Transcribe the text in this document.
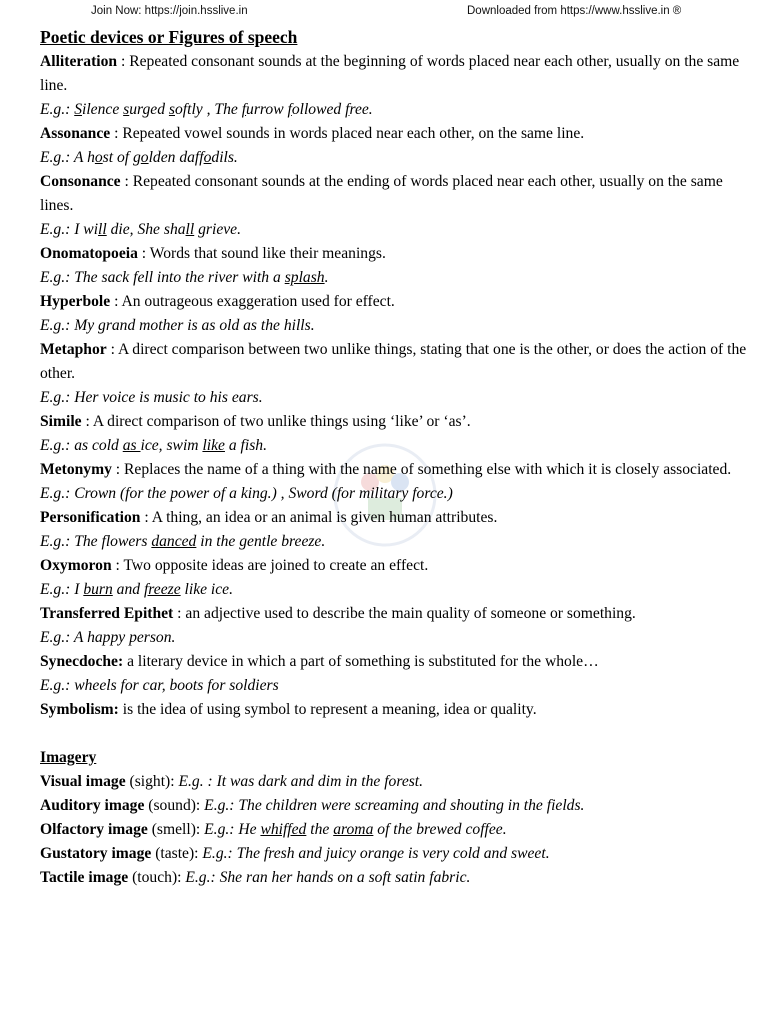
Join Now: https://join.hsslive.in	Downloaded from https://www.hsslive.in ®
Poetic devices or Figures of speech
Alliteration : Repeated consonant sounds at the beginning of words placed near each other, usually on the same line.
E.g.: Silence surged softly , The furrow followed free.
Assonance : Repeated vowel sounds in words placed near each other, on the same line.
E.g.: A host of golden daffodils.
Consonance : Repeated consonant sounds at the ending of words placed near each other, usually on the same lines.
E.g.: I will die, She shall grieve.
Onomatopoeia : Words that sound like their meanings.
E.g.: The sack fell into the river with a splash.
Hyperbole : An outrageous exaggeration used for effect.
E.g.: My grand mother is as old as the hills.
Metaphor : A direct comparison between two unlike things, stating that one is the other, or does the action of the other.
E.g.: Her voice is music to his ears.
Simile : A direct comparison of two unlike things using ‘like’ or ‘as’.
E.g.: as cold as ice, swim like a fish.
Metonymy : Replaces the name of a thing with the name of something else with which it is closely associated.
E.g.: Crown (for the power of a king.) , Sword (for military force.)
Personification : A thing, an idea or an animal is given human attributes.
E.g.: The flowers danced in the gentle breeze.
Oxymoron : Two opposite ideas are joined to create an effect.
E.g.: I burn and freeze like ice.
Transferred Epithet : an adjective used to describe the main quality of someone or something.
E.g.: A happy person.
Synecdoche: a literary device in which a part of something is substituted for the whole…
E.g.: wheels for car, boots for soldiers
Symbolism: is the idea of using symbol to represent a meaning, idea or quality.
Imagery
Visual image (sight): E.g. : It was dark and dim in the forest.
Auditory image (sound): E.g.: The children were screaming and shouting in the fields.
Olfactory image (smell): E.g.: He whiffed the aroma of the brewed coffee.
Gustatory image (taste): E.g.: The fresh and juicy orange is very cold and sweet.
Tactile image (touch): E.g.: She ran her hands on a soft satin fabric.
